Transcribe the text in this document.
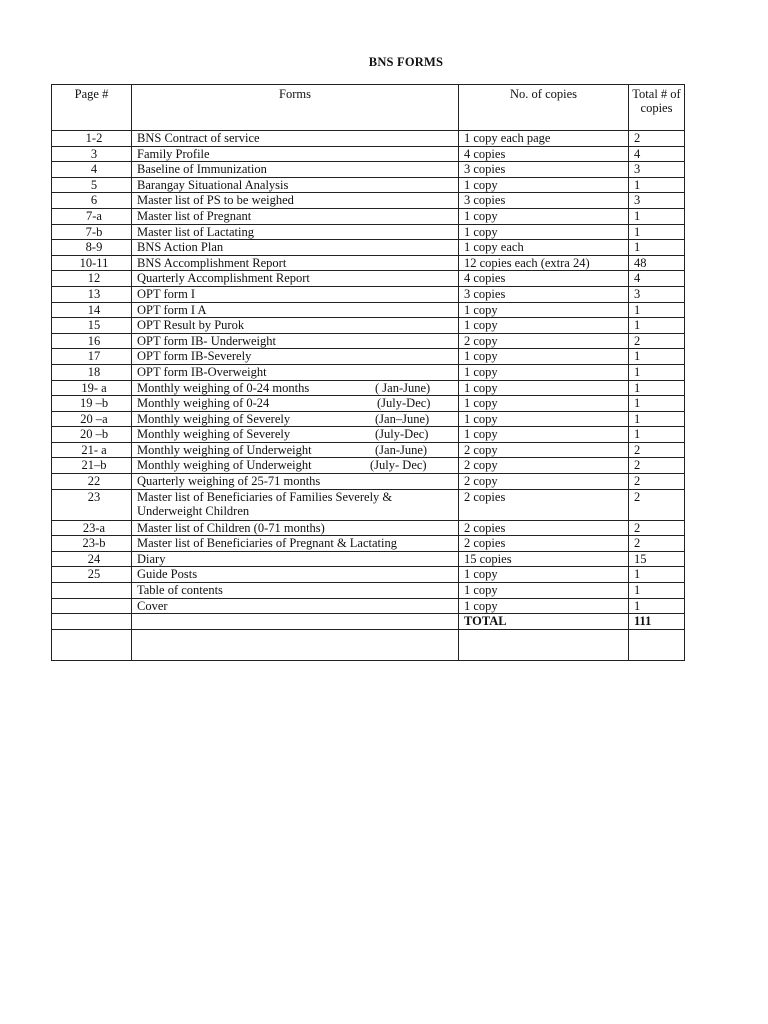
BNS FORMS
Page #	Forms	No. of copies	Total # of copies
1-2	BNS Contract of service	1 copy each page	2
3	Family Profile	4 copies	4
4	Baseline of Immunization	3 copies	3
5	Barangay Situational Analysis	1 copy	1
6	Master list of PS to be weighed	3 copies	3
7-a	Master list of Pregnant	1 copy	1
7-b	Master list of Lactating	1 copy	1
8-9	BNS Action Plan	1 copy each	1
10-11	BNS Accomplishment Report	12 copies each (extra 24)	48
12	Quarterly Accomplishment Report	4 copies	4
13	OPT form I	3 copies	3
14	OPT form I A	1 copy	1
15	OPT Result by Purok	1 copy	1
16	OPT form IB- Underweight	2 copy	2
17	OPT form IB-Severely	1 copy	1
18	OPT form IB-Overweight	1 copy	1
19- a	Monthly weighing of 0-24 months ( Jan-June)	1 copy	1
19 –b	Monthly weighing of 0-24 (July-Dec)	1 copy	1
20 –a	Monthly weighing of Severely (Jan–June)	1 copy	1
20 –b	Monthly weighing of Severely (July-Dec)	1 copy	1
21- a	Monthly weighing of Underweight (Jan-June)	2 copy	2
21–b	Monthly weighing of Underweight (July- Dec)	2 copy	2
22	Quarterly weighing of 25-71 months	2 copy	2
23	Master list of Beneficiaries of Families Severely & Underweight Children	2 copies	2
23-a	Master list of Children (0-71 months)	2 copies	2
23-b	Master list of Beneficiaries of Pregnant & Lactating	2 copies	2
24	Diary	15 copies	15
25	Guide Posts	1 copy	1
	Table of contents	1 copy	1
	Cover	1 copy	1
		TOTAL	111
